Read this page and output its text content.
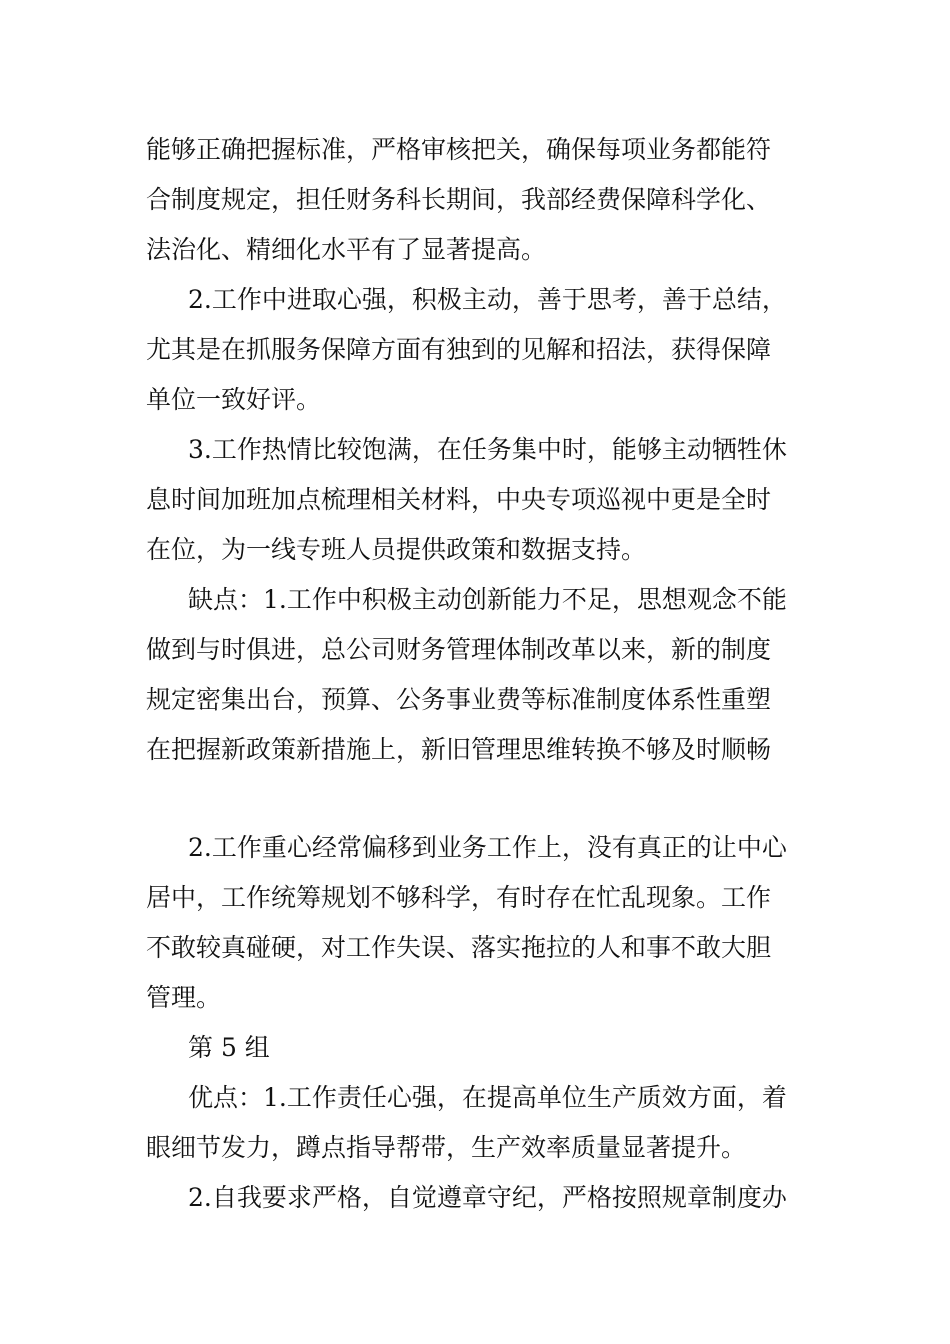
能够正确把握标准，严格审核把关，确保每项业务都能符
合制度规定，担任财务科长期间，我部经费保障科学化、
法治化、精细化水平有了显著提高。
2.工作中进取心强，积极主动，善于思考，善于总结，
尤其是在抓服务保障方面有独到的见解和招法，获得保障
单位一致好评。
3.工作热情比较饱满，在任务集中时，能够主动牺牲休
息时间加班加点梳理相关材料，中央专项巡视中更是全时
在位，为一线专班人员提供政策和数据支持。
缺点：1.工作中积极主动创新能力不足，思想观念不能
做到与时俱进，总公司财务管理体制改革以来，新的制度
规定密集出台，预算、公务事业费等标准制度体系性重塑
在把握新政策新措施上，新旧管理思维转换不够及时顺畅
2.工作重心经常偏移到业务工作上，没有真正的让中心
居中，工作统筹规划不够科学，有时存在忙乱现象。工作
不敢较真碰硬，对工作失误、落实拖拉的人和事不敢大胆
管理。
第 5 组
优点：1.工作责任心强，在提高单位生产质效方面，着
眼细节发力，蹲点指导帮带，生产效率质量显著提升。
2.自我要求严格，自觉遵章守纪，严格按照规章制度办
